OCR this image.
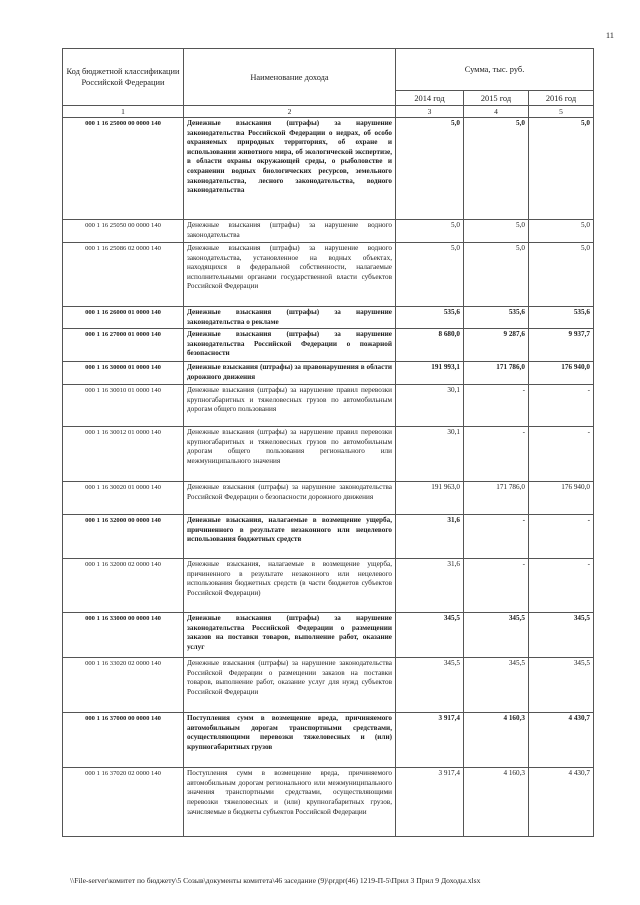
11
Код бюджетной классификации Российской Федерации	Наименование дохода	Сумма, тыс. руб.		
		2014 год	2015 год	2016 год
1	2	3	4	5
000 1 16 25000 00 0000 140	Денежные взыскания (штрафы) за нарушение законодательства Российской Федерации о недрах, об особо охраняемых природных территориях, об охране и использовании животного мира, об экологической экспертизе, в области охраны окружающей среды, о рыболовстве и сохранении водных биологических ресурсов, земельного законодательства, лесного законодательства, водного законодательства	5,0	5,0	5,0
000 1 16 25050 00 0000 140	Денежные взыскания (штрафы) за нарушение водного законодательства	5,0	5,0	5,0
000 1 16 25086 02 0000 140	Денежные взыскания (штрафы) за нарушение водного законодательства, установленное на водных объектах, находящихся в федеральной собственности, налагаемые исполнительными органами государственной власти субъектов Российской Федерации	5,0	5,0	5,0
000 1 16 26000 01 0000 140	Денежные взыскания (штрафы) за нарушение законодательства о рекламе	535,6	535,6	535,6
000 1 16 27000 01 0000 140	Денежные взыскания (штрафы) за нарушение законодательства Российской Федерации о пожарной безопасности	8 680,0	9 287,6	9 937,7
000 1 16 30000 01 0000 140	Денежные взыскания (штрафы) за правонарушения в области дорожного движения	191 993,1	171 786,0	176 940,0
000 1 16 30010 01 0000 140	Денежные взыскания (штрафы) за нарушение правил перевозки крупногабаритных и тяжеловесных грузов по автомобильным дорогам общего пользования	30,1	-	-
000 1 16 30012 01 0000 140	Денежные взыскания (штрафы) за нарушение правил перевозки крупногабаритных и тяжеловесных грузов по автомобильным дорогам общего пользования регионального или межмуниципального значения	30,1	-	-
000 1 16 30020 01 0000 140	Денежные взыскания (штрафы) за нарушение законодательства Российской Федерации о безопасности дорожного движения	191 963,0	171 786,0	176 940,0
000 1 16 32000 00 0000 140	Денежные взыскания, налагаемые в возмещение ущерба, причиненного в результате незаконного или нецелевого использования бюджетных средств	31,6	-	-
000 1 16 32000 02 0000 140	Денежные взыскания, налагаемые в возмещение ущерба, причиненного в результате незаконного или нецелевого использования бюджетных средств (в части бюджетов субъектов Российской Федерации)	31,6	-	-
000 1 16 33000 00 0000 140	Денежные взыскания (штрафы) за нарушение законодательства Российской Федерации о размещении заказов на поставки товаров, выполнение работ, оказание услуг	345,5	345,5	345,5
000 1 16 33020 02 0000 140	Денежные взыскания (штрафы) за нарушение законодательства Российской Федерации о размещении заказов на поставки товаров, выполнение работ, оказание услуг для нужд субъектов Российской Федерации	345,5	345,5	345,5
000 1 16 37000 00 0000 140	Поступления сумм в возмещение вреда, причиняемого автомобильным дорогам транспортными средствами, осуществляющими перевозки тяжеловесных и (или) крупногабаритных грузов	3 917,4	4 160,3	4 430,7
000 1 16 37020 02 0000 140	Поступления сумм в возмещение вреда, причиняемого автомобильным дорогам регионального или межмуниципального значения транспортными средствами, осуществляющими перевозки тяжеловесных и (или) крупногабаритных грузов, зачисляемые в бюджеты субъектов Российской Федерации	3 917,4	4 160,3	4 430,7
\\File-server\комитет по бюджету\5 Созыв\документы комитета\46 заседание (9)\prдpr(46) 1219-П-5\Прил 3 Прил 9 Доходы.xlsx
